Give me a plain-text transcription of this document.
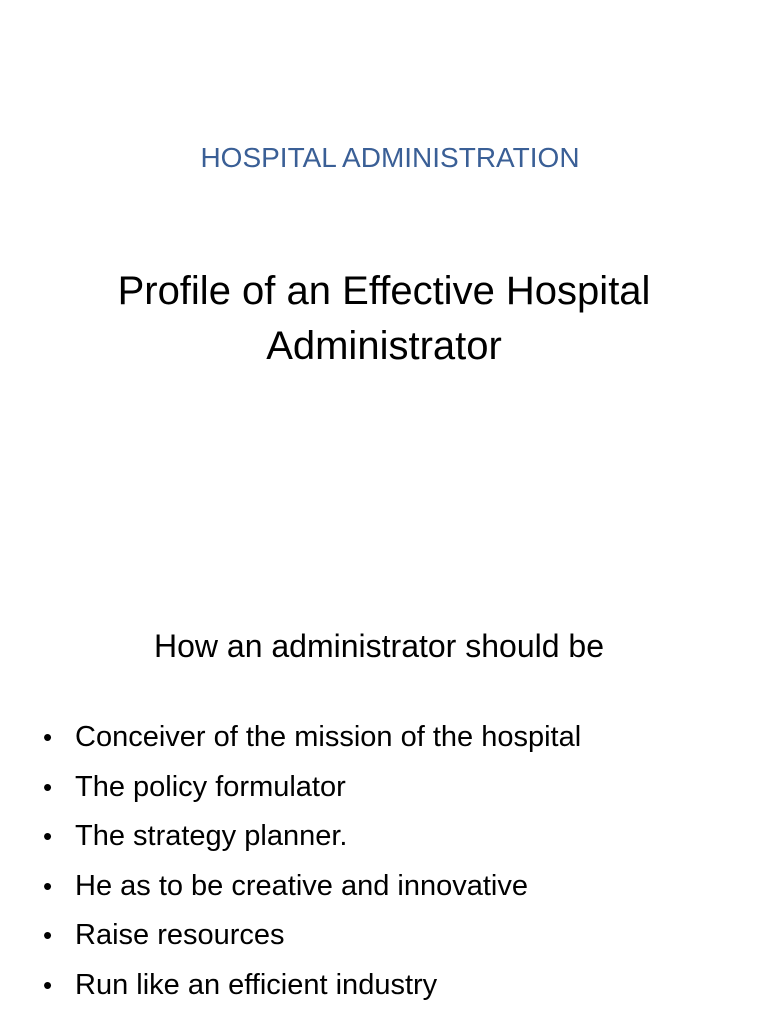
HOSPITAL ADMINISTRATION
Profile of an Effective Hospital
Administrator
How an administrator should be
• Conceiver of the mission of the hospital
• The policy formulator
• The strategy planner.
• He as to be creative and innovative
• Raise resources
• Run like an efficient industry
